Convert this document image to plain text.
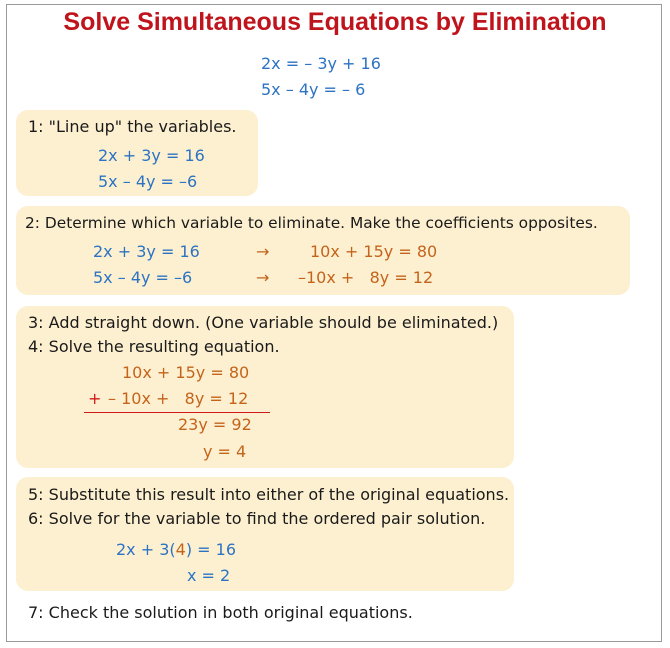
Solve Simultaneous Equations by Elimination
2x = – 3y + 16
5x – 4y = – 6
1: "Line up" the variables.
2x + 3y = 16
5x – 4y = –6
2: Determine which variable to eliminate. Make the coefficients opposites.
2x + 3y = 16
5x – 4y = –6
→
→
10x + 15y = 80
–10x +   8y = 12
3: Add straight down. (One variable should be eliminated.)
4: Solve the resulting equation.
10x + 15y = 80
+ – 10x +   8y = 12
23y = 92
y = 4
5: Substitute this result into either of the original equations.
6: Solve for the variable to find the ordered pair solution.
2x + 3(4) = 16
x = 2
7: Check the solution in both original equations.
